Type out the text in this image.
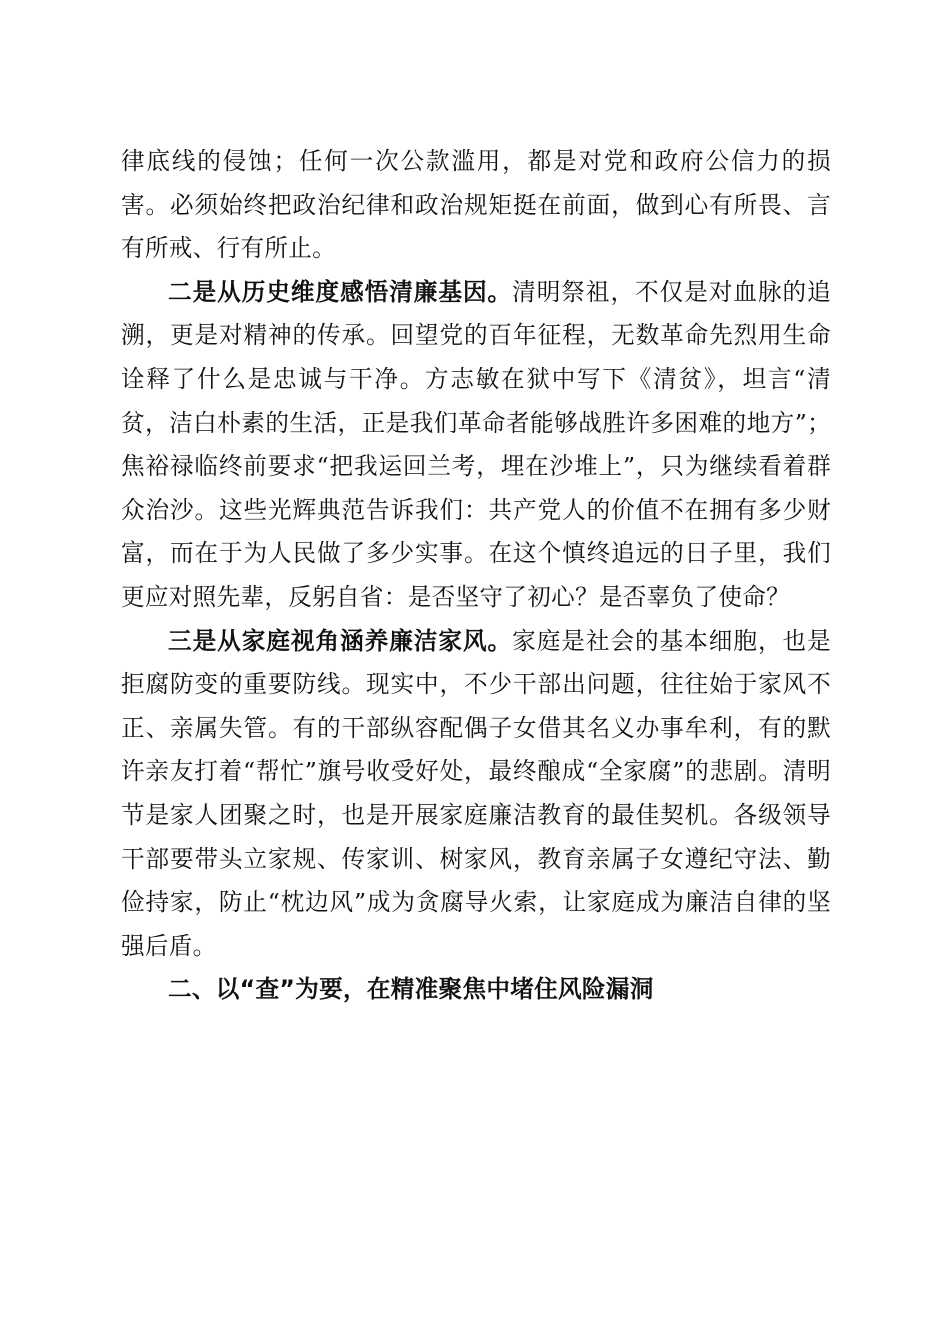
律底线的侵蚀；任何一次公款滥用，都是对党和政府公信力的损害。必须始终把政治纪律和政治规矩挺在前面，做到心有所畏、言有所戒、行有所止。

二是从历史维度感悟清廉基因。清明祭祖，不仅是对血脉的追溯，更是对精神的传承。回望党的百年征程，无数革命先烈用生命诠释了什么是忠诚与干净。方志敏在狱中写下《清贫》，坦言“清贫，洁白朴素的生活，正是我们革命者能够战胜许多困难的地方”；焦裕禄临终前要求“把我运回兰考，埋在沙堆上”，只为继续看着群众治沙。这些光辉典范告诉我们：共产党人的价值不在拥有多少财富，而在于为人民做了多少实事。在这个慎终追远的日子里，我们更应对照先辈，反躬自省：是否坚守了初心？是否辜负了使命？

三是从家庭视角涵养廉洁家风。家庭是社会的基本细胞，也是拒腐防变的重要防线。现实中，不少干部出问题，往往始于家风不正、亲属失管。有的干部纵容配偶子女借其名义办事牟利，有的默许亲友打着“帮忙”旗号收受好处，最终酿成“全家腐”的悲剧。清明节是家人团聚之时，也是开展家庭廉洁教育的最佳契机。各级领导干部要带头立家规、传家训、树家风，教育亲属子女遵纪守法、勤俭持家，防止“枕边风”成为贪腐导火索，让家庭成为廉洁自律的坚强后盾。

二、以“查”为要，在精准聚焦中堵住风险漏洞
